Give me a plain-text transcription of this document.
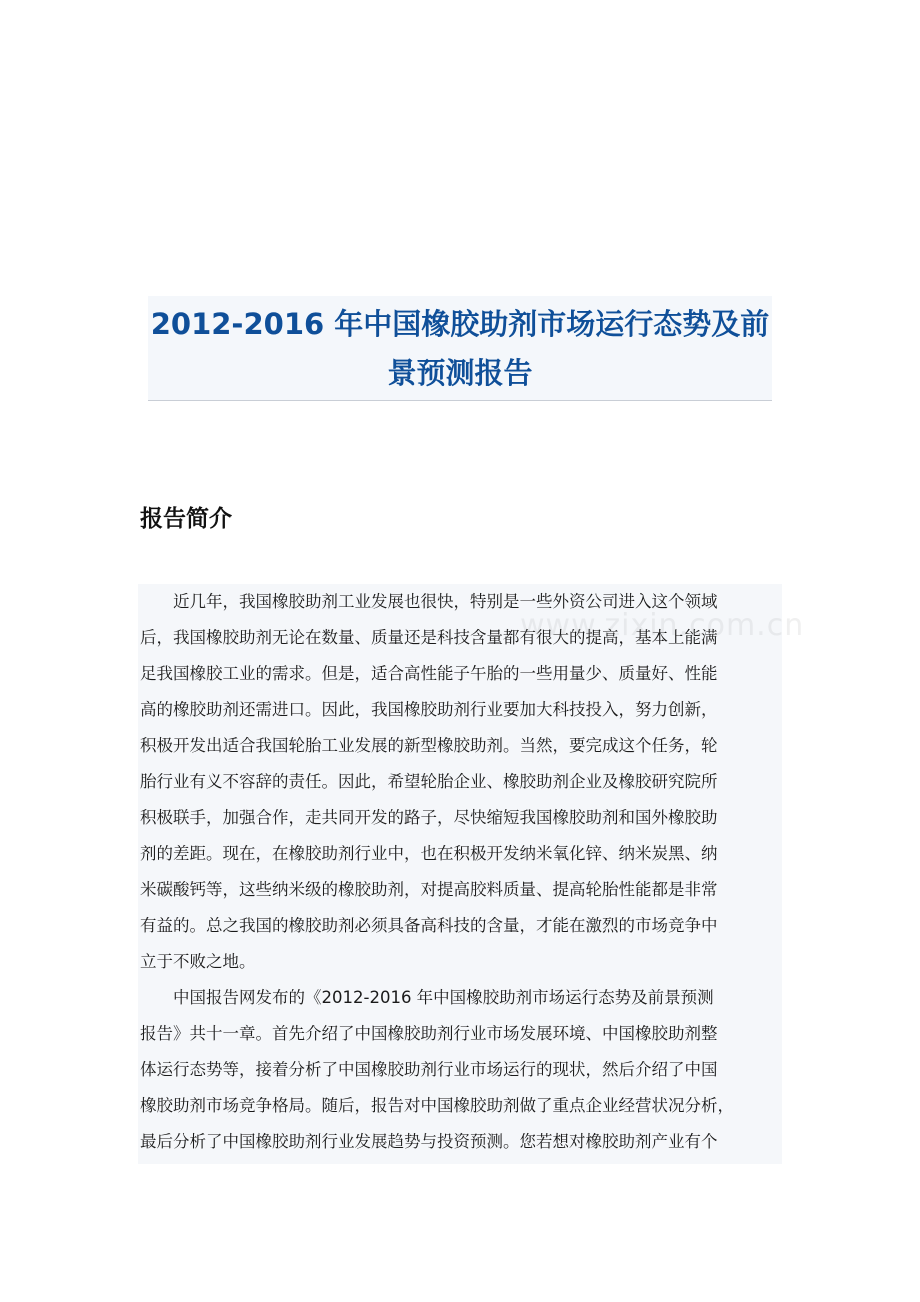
2012-2016 年中国橡胶助剂市场运行态势及前
景预测报告
报告简介
　　近几年，我国橡胶助剂工业发展也很快，特别是一些外资公司进入这个领域
后，我国橡胶助剂无论在数量、质量还是科技含量都有很大的提高，基本上能满
足我国橡胶工业的需求。但是，适合高性能子午胎的一些用量少、质量好、性能
高的橡胶助剂还需进口。因此，我国橡胶助剂行业要加大科技投入，努力创新，
积极开发出适合我国轮胎工业发展的新型橡胶助剂。当然，要完成这个任务，轮
胎行业有义不容辞的责任。因此，希望轮胎企业、橡胶助剂企业及橡胶研究院所
积极联手，加强合作，走共同开发的路子，尽快缩短我国橡胶助剂和国外橡胶助
剂的差距。现在，在橡胶助剂行业中，也在积极开发纳米氧化锌、纳米炭黑、纳
米碳酸钙等，这些纳米级的橡胶助剂，对提高胶料质量、提高轮胎性能都是非常
有益的。总之我国的橡胶助剂必须具备高科技的含量，才能在激烈的市场竞争中
立于不败之地。
　　中国报告网发布的《2012-2016 年中国橡胶助剂市场运行态势及前景预测
报告》共十一章。首先介绍了中国橡胶助剂行业市场发展环境、中国橡胶助剂整
体运行态势等，接着分析了中国橡胶助剂行业市场运行的现状，然后介绍了中国
橡胶助剂市场竞争格局。随后，报告对中国橡胶助剂做了重点企业经营状况分析，
最后分析了中国橡胶助剂行业发展趋势与投资预测。您若想对橡胶助剂产业有个
www.zixin.com.cn
